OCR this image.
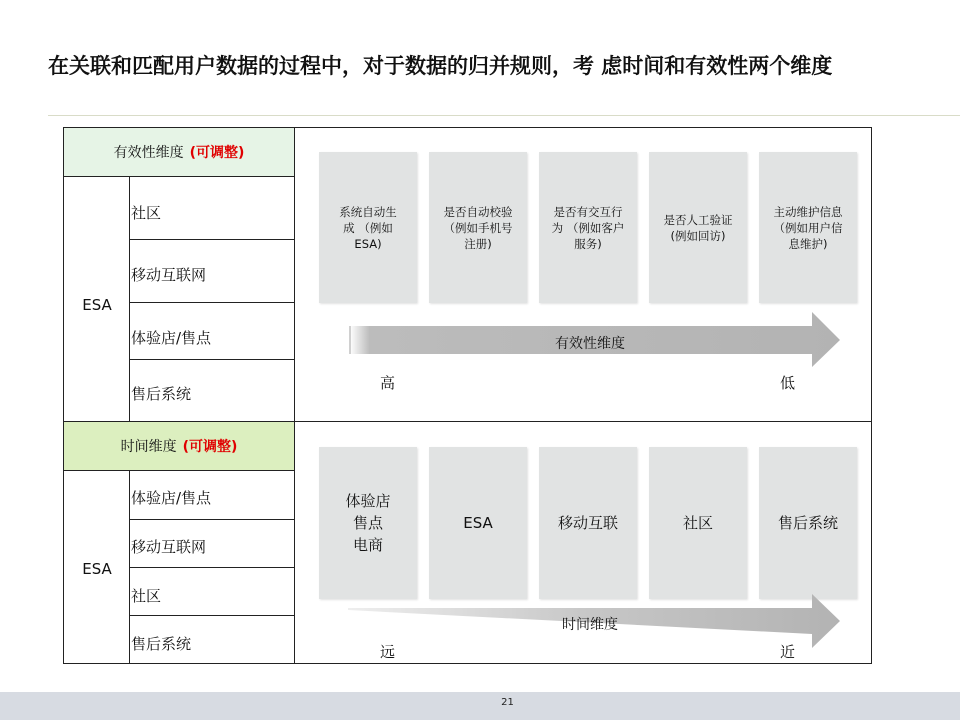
在关联和匹配用户数据的过程中，对于数据的归并规则，考 虑时间和有效性两个维度
有效性维度 (可调整)
ESA
社区
移动互联网
体验店/售点
售后系统
系统自动生
成 （例如
ESA)
是否自动校验
（例如手机号
注册)
是否有交互行
为 （例如客户
服务)
是否人工验证
(例如回访)
主动维护信息
（例如用户信
息维护)
有效性维度
高	低
时间维度 (可调整)
ESA
体验店/售点
移动互联网
社区
售后系统
体验店
售点
电商
ESA	移动互联	社区	售后系统
时间维度
远	近
21
